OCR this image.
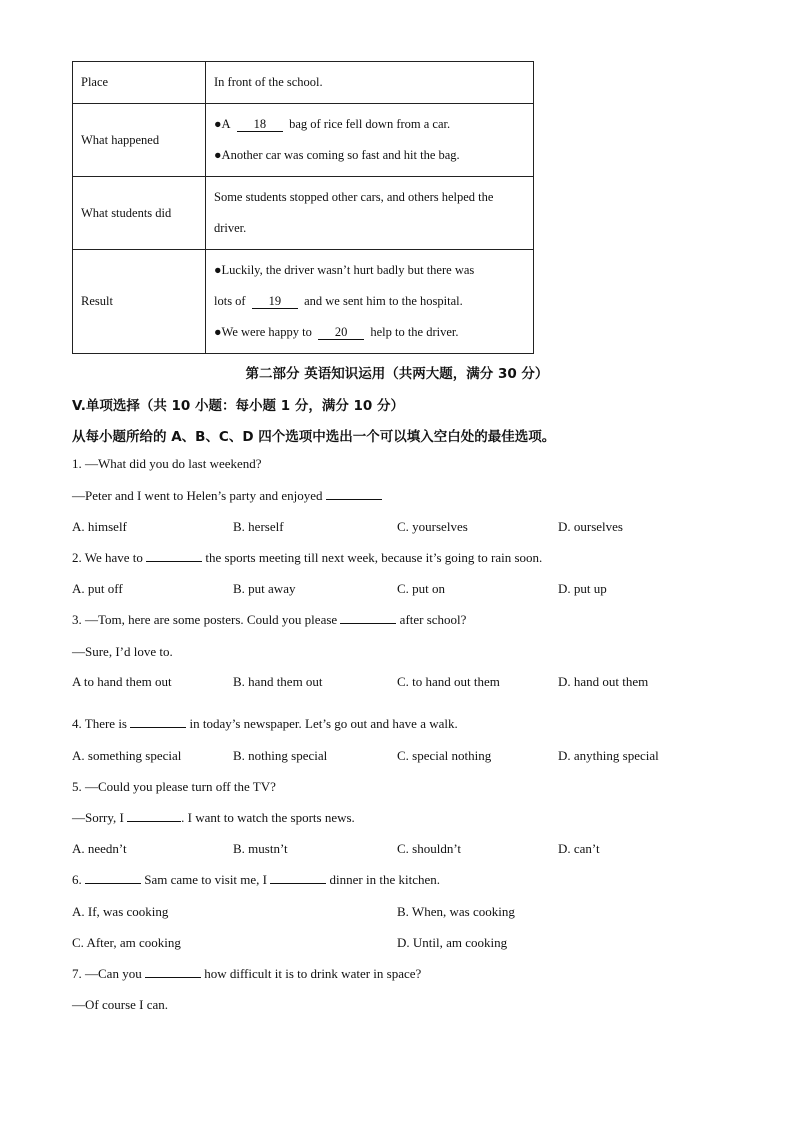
Place	In front of the school.
What happened	●A 18 bag of rice fell down from a car.
●Another car was coming so fast and hit the bag.

What students did	Some students stopped other cars, and others helped the
driver.

Result	●Luckily, the driver wasn’t hurt badly but there was
lots of 19 and we sent him to the hospital.
●We were happy to 20 help to the driver.
第二部分 英语知识运用（共两大题，满分 30 分）
V.单项选择（共 10 小题：每小题 1 分，满分 10 分）
从每小题所给的 A、B、C、D 四个选项中选出一个可以填入空白处的最佳选项。
1. —What did you do last weekend?
—Peter and I went to Helen’s party and enjoyed
A. himself	B. herself	C. yourselves	D. ourselves
2. We have to	the sports meeting till next week, because it’s going to rain soon.
A. put off	B. put away	C. put on	D. put up
3. —Tom, here are some posters. Could you please	after school?
—Sure, I’d love to.
A to hand them out	B. hand them out	C. to hand out them	D. hand out them
4. There is	in today’s newspaper. Let’s go out and have a walk.
A. something special	B. nothing special	C. special nothing	D. anything special
5. —Could you please turn off the TV?
—Sorry, I	. I want to watch the sports news.
A. needn’t	B. mustn’t	C. shouldn’t	D. can’t
6.	Sam came to visit me, I	dinner in the kitchen.
A. If, was cooking	B. When, was cooking
C. After, am cooking	D. Until, am cooking
7. —Can you	how difficult it is to drink water in space?
—Of course I can.
